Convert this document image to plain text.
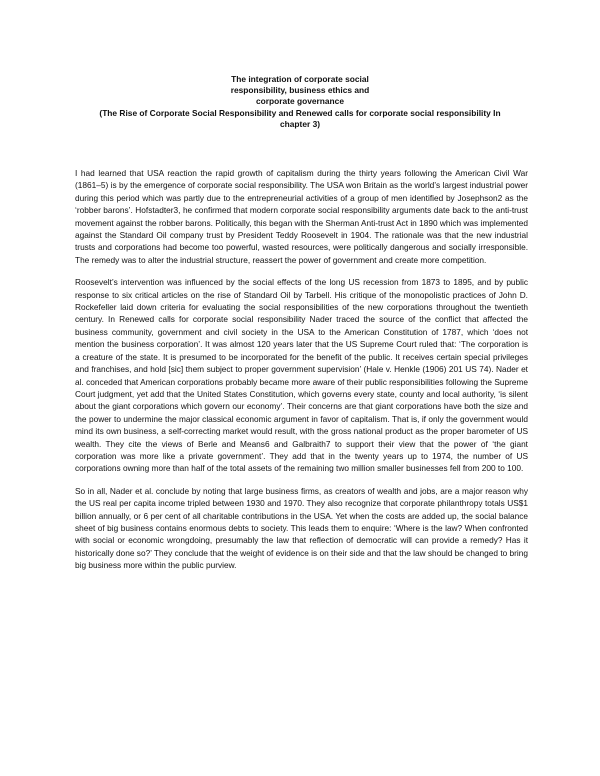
The integration of corporate social
responsibility, business ethics and
corporate governance
(The Rise of Corporate Social Responsibility and Renewed calls for corporate social responsibility In
chapter 3)

I had learned that USA reaction the rapid growth of capitalism during the thirty years following the American Civil War (1861–5) is by the emergence of corporate social responsibility. The USA won Britain as the world’s largest industrial power during this period which was partly due to the entrepreneurial activities of a group of men identified by Josephson2 as the ‘robber barons’. Hofstadter3, he confirmed that modern corporate social responsibility arguments date back to the anti-trust movement against the robber barons. Politically, this began with the Sherman Anti-trust Act in 1890 which was implemented against the Standard Oil company trust by President Teddy Roosevelt in 1904. The rationale was that the new industrial trusts and corporations had become too powerful, wasted resources, were politically dangerous and socially irresponsible. The remedy was to alter the industrial structure, reassert the power of government and create more competition.

Roosevelt’s intervention was influenced by the social effects of the long US recession from 1873 to 1895, and by public response to six critical articles on the rise of Standard Oil by Tarbell. His critique of the monopolistic practices of John D. Rockefeller laid down criteria for evaluating the social responsibilities of the new corporations throughout the twentieth century. In Renewed calls for corporate social responsibility Nader traced the source of the conflict that affected the business community, government and civil society in the USA to the American Constitution of 1787, which ‘does not mention the business corporation’. It was almost 120 years later that the US Supreme Court ruled that: ‘The corporation is a creature of the state. It is presumed to be incorporated for the benefit of the public. It receives certain special privileges and franchises, and hold [sic] them subject to proper government supervision’ (Hale v. Henkle (1906) 201 US 74). Nader et al. conceded that American corporations probably became more aware of their public responsibilities following the Supreme Court judgment, yet add that the United States Constitution, which governs every state, county and local authority, ‘is silent about the giant corporations which govern our economy’. Their concerns are that giant corporations have both the size and the power to undermine the major classical economic argument in favor of capitalism. That is, if only the government would mind its own business, a self-correcting market would result, with the gross national product as the proper barometer of US wealth. They cite the views of Berle and Means6 and Galbraith7 to support their view that the power of ‘the giant corporation was more like a private government’. They add that in the twenty years up to 1974, the number of US corporations owning more than half of the total assets of the remaining two million smaller businesses fell from 200 to 100.

So in all, Nader et al. conclude by noting that large business firms, as creators of wealth and jobs, are a major reason why the US real per capita income tripled between 1930 and 1970. They also recognize that corporate philanthropy totals US$1 billion annually, or 6 per cent of all charitable contributions in the USA. Yet when the costs are added up, the social balance sheet of big business contains enormous debts to society. This leads them to enquire: ‘Where is the law? When confronted with social or economic wrongdoing, presumably the law that reflection of democratic will can provide a remedy? Has it historically done so?’ They conclude that the weight of evidence is on their side and that the law should be changed to bring big business more within the public purview.
